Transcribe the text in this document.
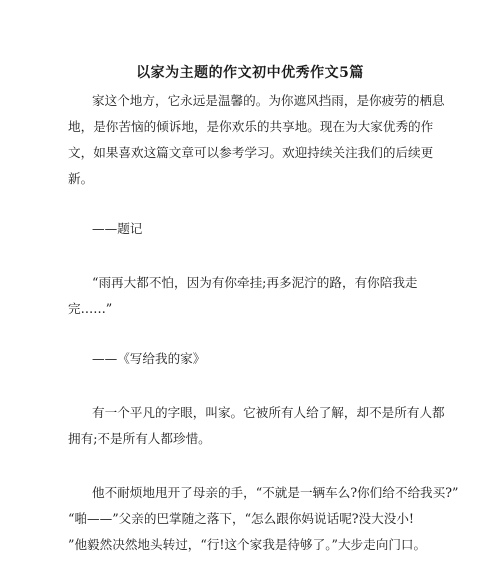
以家为主题的作文初中优秀作文5篇
家这个地方，它永远是温馨的。为你遮风挡雨，是你疲劳的栖息
地，是你苦恼的倾诉地，是你欢乐的共享地。现在为大家优秀的作
文，如果喜欢这篇文章可以参考学习。欢迎持续关注我们的后续更
新。
——题记
“雨再大都不怕，因为有你牵挂;再多泥泞的路，有你陪我走
完……”
——《写给我的家》
有一个平凡的字眼，叫家。它被所有人给了解，却不是所有人都
拥有;不是所有人都珍惜。
他不耐烦地甩开了母亲的手，“不就是一辆车么?你们给不给我买?”
“啪——”父亲的巴掌随之落下，“怎么跟你妈说话呢?没大没小!
”他毅然决然地头转过，“行!这个家我是待够了。”大步走向门口。
